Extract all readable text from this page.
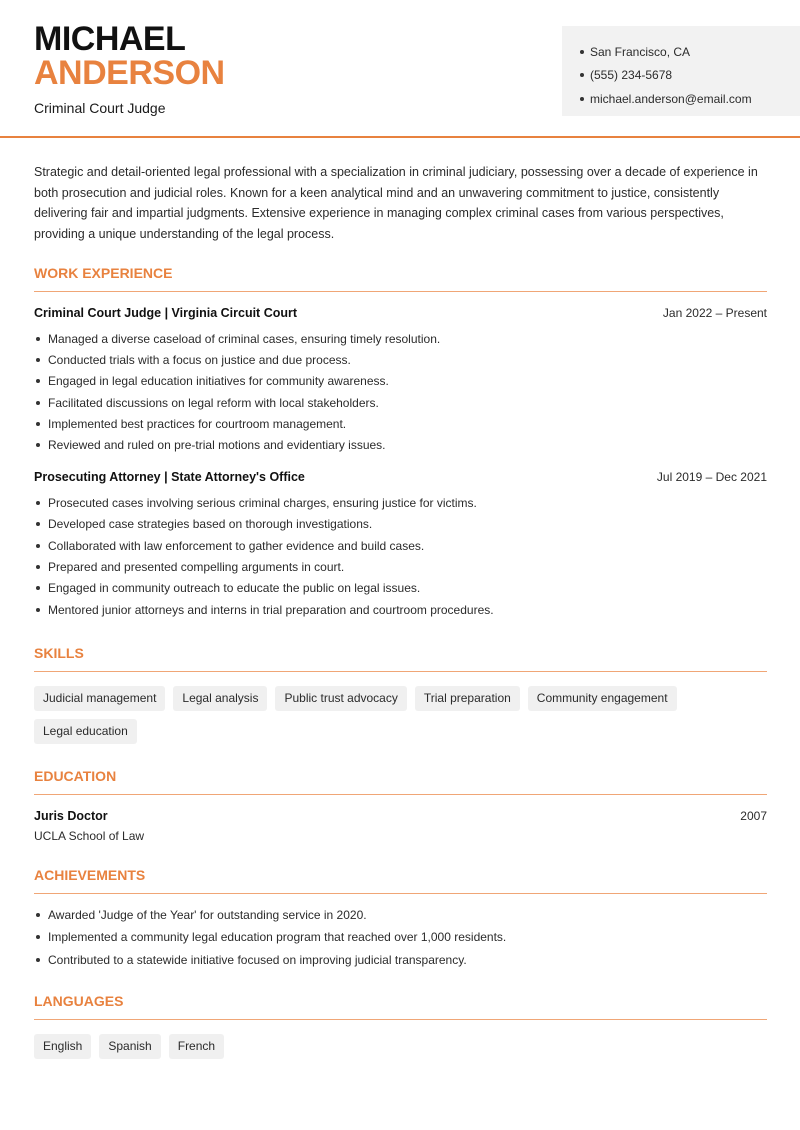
MICHAEL
ANDERSON
Criminal Court Judge
San Francisco, CA
(555) 234-5678
michael.anderson@email.com

Strategic and detail-oriented legal professional with a specialization in criminal judiciary, possessing over a decade of experience in both prosecution and judicial roles. Known for a keen analytical mind and an unwavering commitment to justice, consistently delivering fair and impartial judgments. Extensive experience in managing complex criminal cases from various perspectives, providing a unique understanding of the legal process.

WORK EXPERIENCE
Criminal Court Judge | Virginia Circuit Court	Jan 2022 – Present
Managed a diverse caseload of criminal cases, ensuring timely resolution.
Conducted trials with a focus on justice and due process.
Engaged in legal education initiatives for community awareness.
Facilitated discussions on legal reform with local stakeholders.
Implemented best practices for courtroom management.
Reviewed and ruled on pre-trial motions and evidentiary issues.
Prosecuting Attorney | State Attorney's Office	Jul 2019 – Dec 2021
Prosecuted cases involving serious criminal charges, ensuring justice for victims.
Developed case strategies based on thorough investigations.
Collaborated with law enforcement to gather evidence and build cases.
Prepared and presented compelling arguments in court.
Engaged in community outreach to educate the public on legal issues.
Mentored junior attorneys and interns in trial preparation and courtroom procedures.
SKILLS
Judicial management	Legal analysis	Public trust advocacy	Trial preparation	Community engagement
Legal education
EDUCATION
Juris Doctor	2007
UCLA School of Law
ACHIEVEMENTS
Awarded 'Judge of the Year' for outstanding service in 2020.
Implemented a community legal education program that reached over 1,000 residents.
Contributed to a statewide initiative focused on improving judicial transparency.
LANGUAGES
English	Spanish	French
